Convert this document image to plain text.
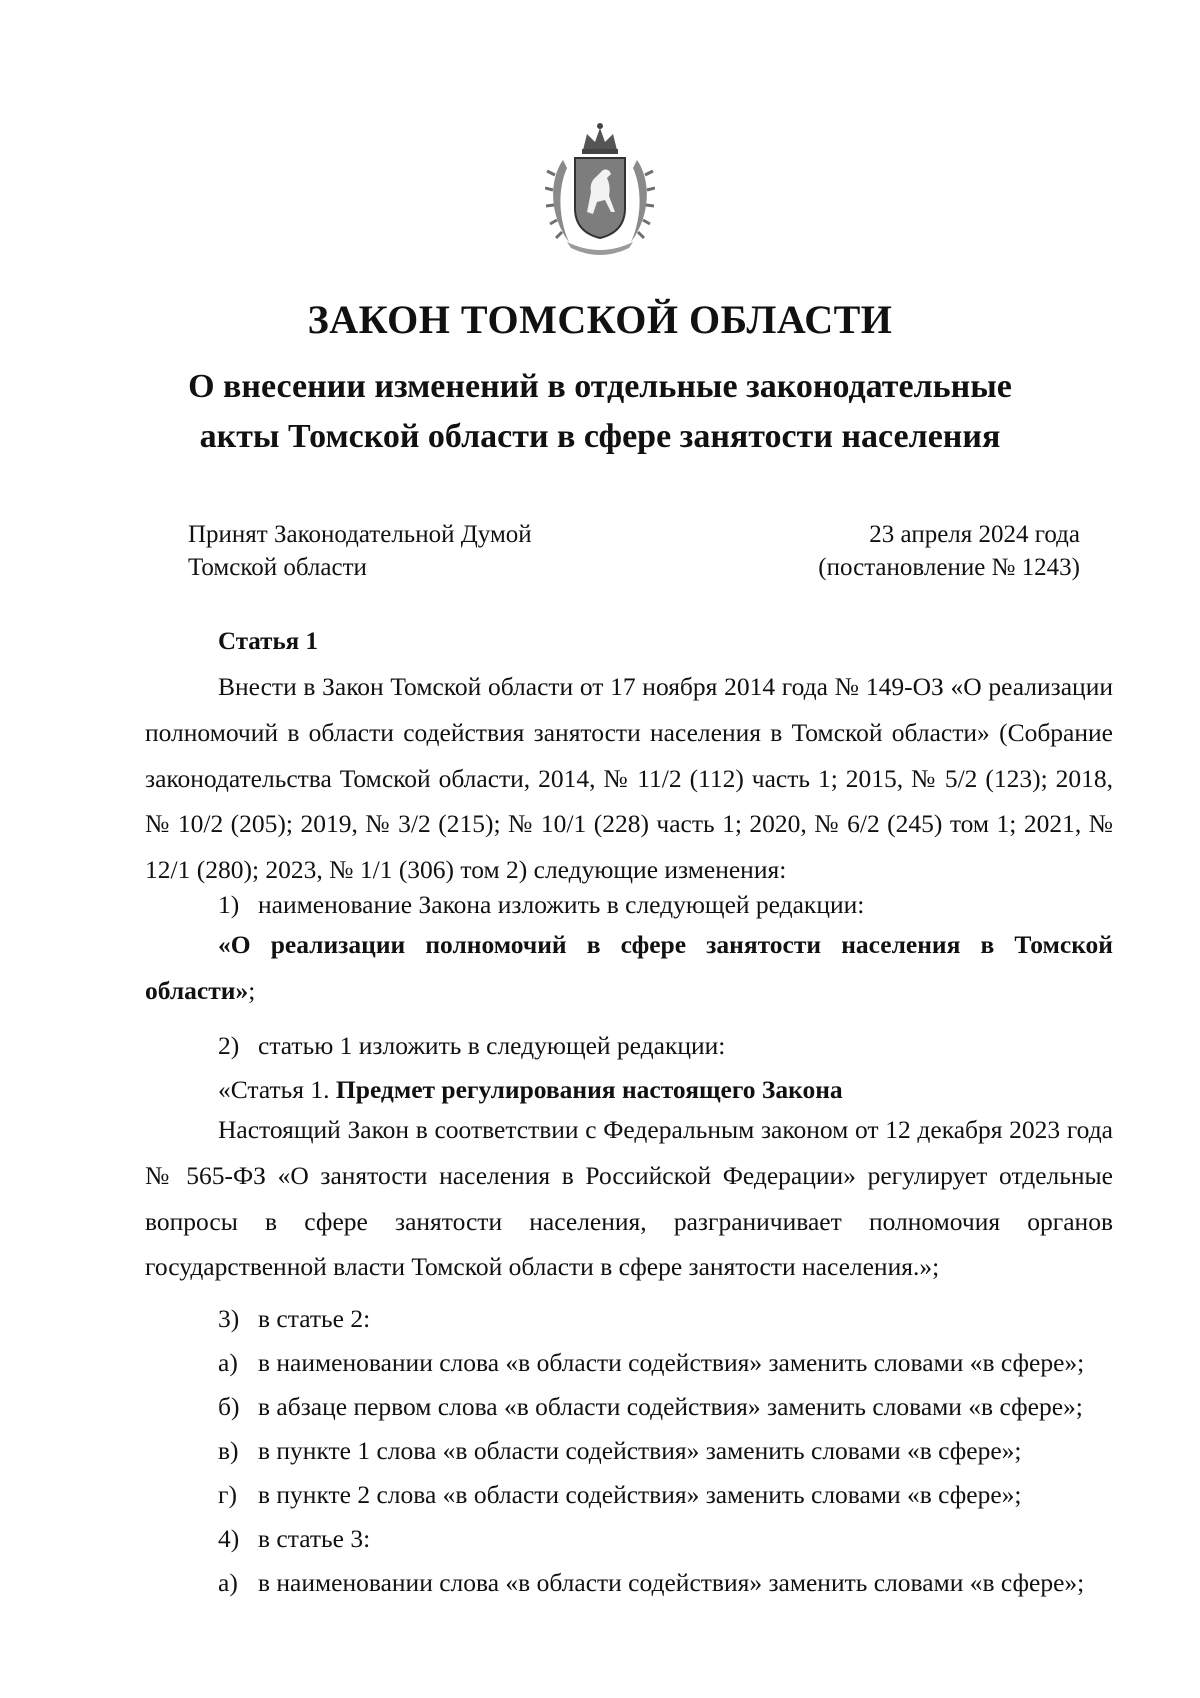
ЗАКОН ТОМСКОЙ ОБЛАСТИ
О внесении изменений в отдельные законодательные
акты Томской области в сфере занятости населения
Принят Законодательной Думой
Томской области
23 апреля 2024 года
(постановление № 1243)
Статья 1

Внести в Закон Томской области от 17 ноября 2014 года № 149-ОЗ «О реализации полномочий в области содействия занятости населения в Томской области» (Собрание законодательства Томской области, 2014, № 11/2 (112) часть 1; 2015, № 5/2 (123); 2018, № 10/2 (205); 2019, № 3/2 (215); № 10/1 (228) часть 1; 2020, № 6/2 (245) том 1; 2021, № 12/1 (280); 2023, № 1/1 (306) том 2) следующие изменения:

1) наименование Закона изложить в следующей редакции:

«О реализации полномочий в сфере занятости населения в Томской области»;

2) статью 1 изложить в следующей редакции:
«Статья 1. Предмет регулирования настоящего Закона

Настоящий Закон в соответствии с Федеральным законом от 12 декабря 2023 года № 565-ФЗ «О занятости населения в Российской Федерации» регулирует отдельные вопросы в сфере занятости населения, разграничивает полномочия органов государственной власти Томской области в сфере занятости населения.»;

3) в статье 2:
а) в наименовании слова «в области содействия» заменить словами «в сфере»;
б) в абзаце первом слова «в области содействия» заменить словами «в сфере»;
в) в пункте 1 слова «в области содействия» заменить словами «в сфере»;
г) в пункте 2 слова «в области содействия» заменить словами «в сфере»;
4) в статье 3:
а) в наименовании слова «в области содействия» заменить словами «в сфере»;
